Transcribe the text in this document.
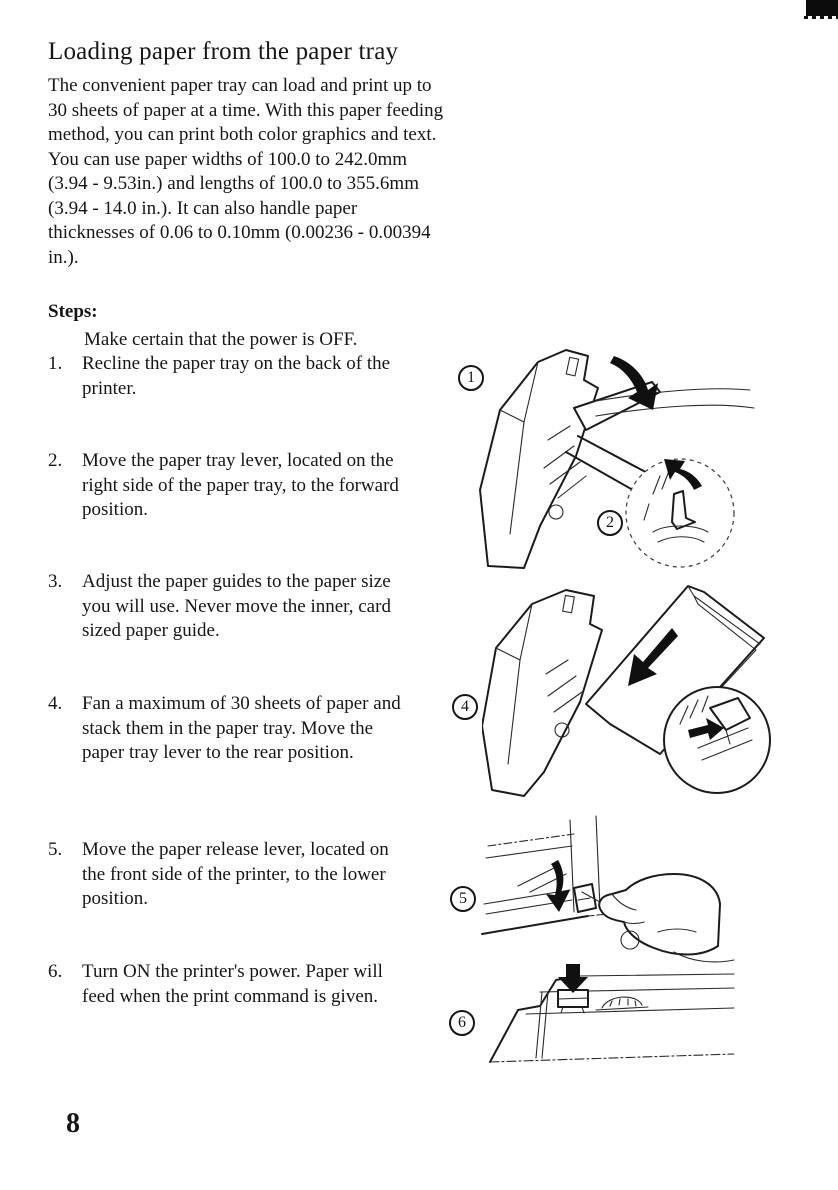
Loading paper from the paper tray

The convenient paper tray can load and print up to 30 sheets of paper at a time. With this paper feeding method, you can print both color graphics and text. You can use paper widths of 100.0 to 242.0mm (3.94 - 9.53in.) and lengths of 100.0 to 355.6mm (3.94 - 14.0 in.). It can also handle paper thicknesses of 0.06 to 0.10mm (0.00236 - 0.00394 in.).

Steps:
Make certain that the power is OFF.
1.	Recline the paper tray on the back of the printer.
2.	Move the paper tray lever, located on the right side of the paper tray, to the forward position.
3.	Adjust the paper guides to the paper size you will use. Never move the inner, card sized paper guide.
4.	Fan a maximum of 30 sheets of paper and stack them in the paper tray. Move the paper tray lever to the rear position.
5.	Move the paper release lever, located on the front side of the printer, to the lower position.
6.	Turn ON the printer's power. Paper will feed when the print command is given.
1
2
4
5
6
8
